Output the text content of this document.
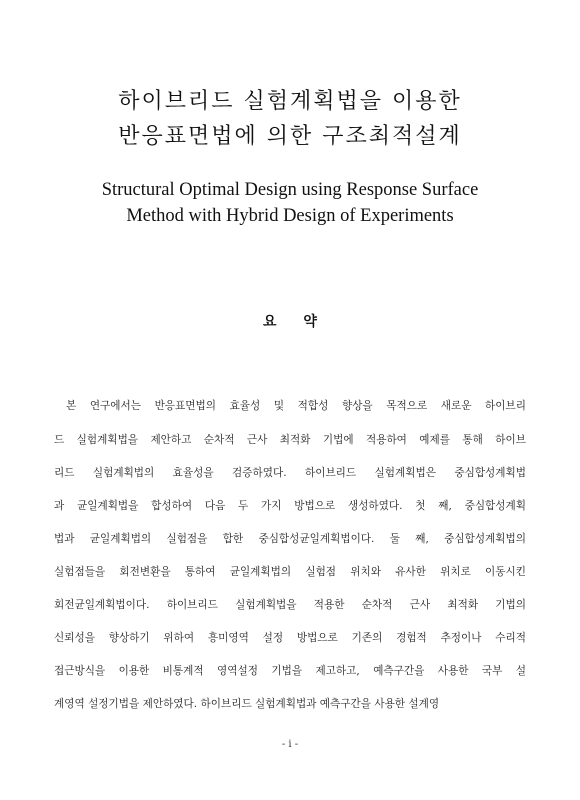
하이브리드 실험계획법을 이용한
반응표면법에 의한 구조최적설계
Structural Optimal Design using Response Surface
Method with Hybrid Design of Experiments
요 약
본 연구에서는 반응표면법의 효율성 및 적합성 향상을 목적으로 새로운 하이브리
드 실험계획법을 제안하고 순차적 근사 최적화 기법에 적용하여 예제를 통해 하이브
리드 실험계획법의 효율성을 검증하였다. 하이브리드 실험계획법은 중심합성계획법
과 균일계획법을 합성하여 다음 두 가지 방법으로 생성하였다. 첫 째, 중심합성계획
법과 균일계획법의 실험점을 합한 중심합성균일계획법이다. 둘 째, 중심합성계획법의
실험점들을 회전변환을 통하여 균일계획법의 실험점 위치와 유사한 위치로 이동시킨
회전균일계획법이다. 하이브리드 실험계획법을 적용한 순차적 근사 최적화 기법의
신뢰성을 향상하기 위하여 흥미영역 설정 방법으로 기존의 경험적 추정이나 수리적
접근방식을 이용한 비통계적 영역설정 기법을 제고하고, 예측구간을 사용한 국부 설
계영역 설정기법을 제안하였다. 하이브리드 실험계획법과 예측구간을 사용한 설계영
- i -
